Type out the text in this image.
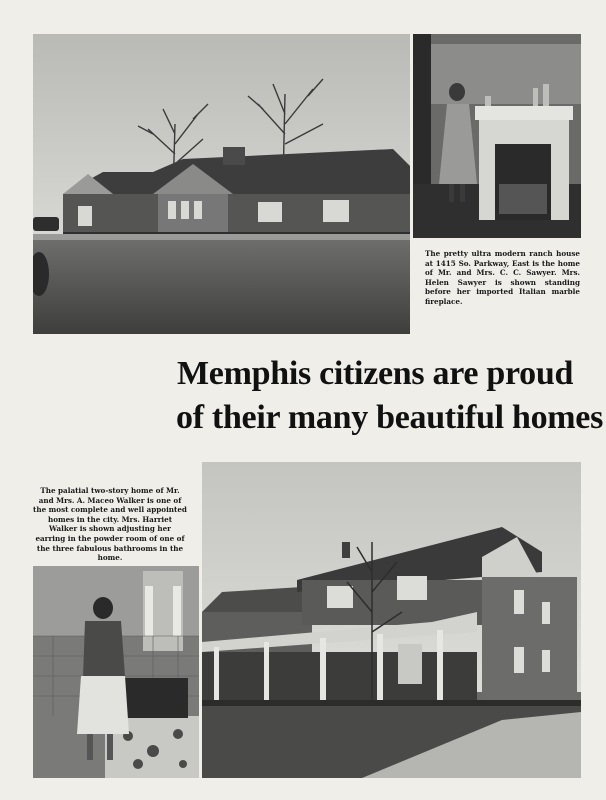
The pretty ultra modern ranch house at 1415 So. Parkway, East is the home of Mr. and Mrs. C. C. Sawyer. Mrs. Helen Sawyer is shown standing before her imported Italian marble fireplace.
Memphis citizens are proud
of their many beautiful homes
The palatial two-story home of Mr. and Mrs. A. Maceo Walker is one of the most complete and well appointed homes in the city. Mrs. Harriet Walker is shown adjusting her earring in the powder room of one of the three fabulous bathrooms in the home.
